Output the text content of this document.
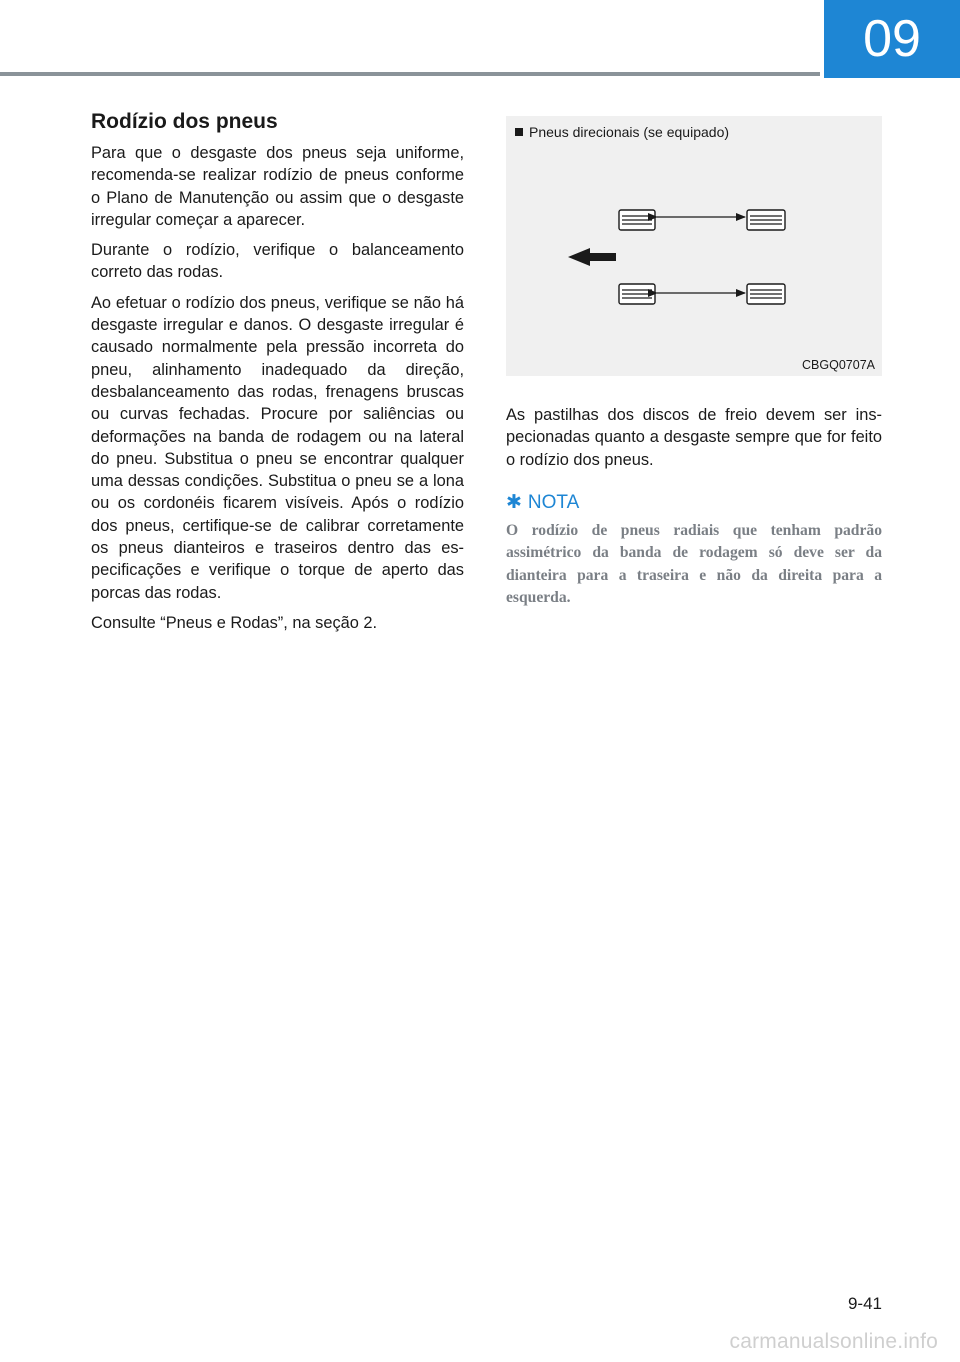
09
Rodízio dos pneus

Para que o desgaste dos pneus seja uniforme, recomenda-se realizar rodízio de pneus conforme o Plano de Manutenção ou assim que o desgaste irregular começar a aparecer.

Durante o rodízio, verifique o balanceamento correto das rodas.

Ao efetuar o rodízio dos pneus, verifique se não há desgaste irregular e danos. O desgaste irregular é causado normalmente pela pressão incorreta do pneu, alinhamento inadequado da direção, desbalanceamento das rodas, frenagens bruscas ou curvas fechadas. Procure por saliências ou deformações na banda de rodagem ou na lateral do pneu. Substitua o pneu se encontrar qualquer uma dessas condições. Substitua o pneu se a lona ou os cordonéis ficarem visíveis. Após o rodízio dos pneus, certifique-se de calibrar corretamente os pneus dianteiros e traseiros dentro das especificações e verifique o torque de aperto das porcas das rodas.

Consulte “Pneus e Rodas”, na seção 2.

Pneus direcionais (se equipado)
CBGQ0707A

As pastilhas dos discos de freio devem ser inspecionadas quanto a desgaste sempre que for feito o rodízio dos pneus.

✱ NOTA

O rodízio de pneus radiais que tenham padrão assimétrico da banda de rodagem só deve ser da dianteira para a traseira e não da direita para a esquerda.

9-41
carmanualsonline.info
